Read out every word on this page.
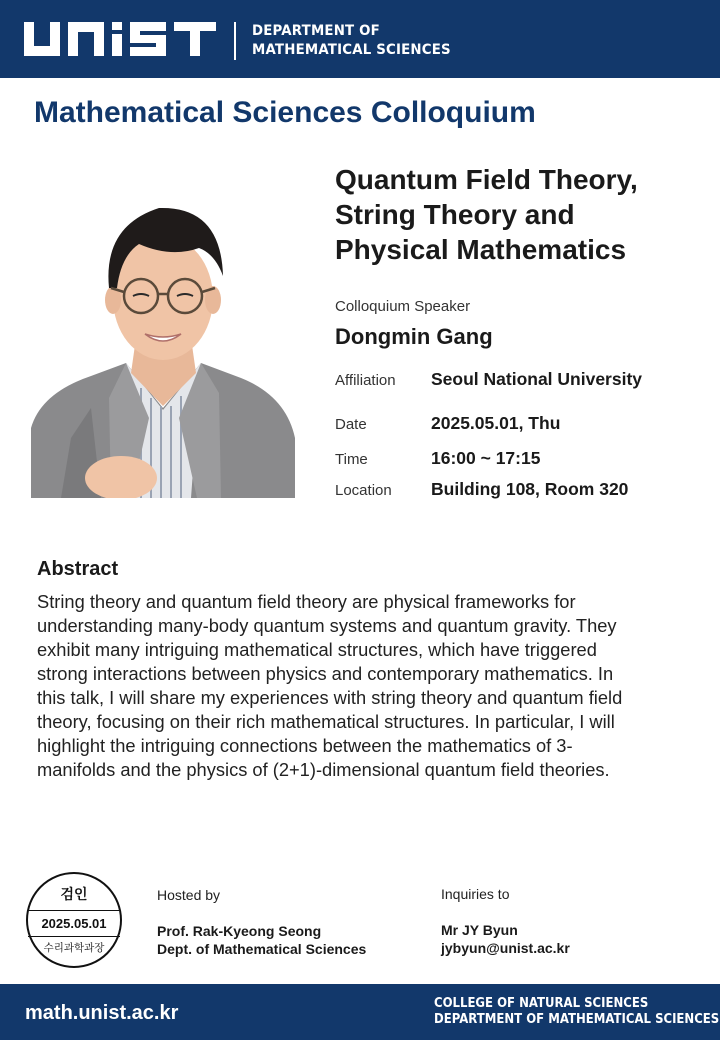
DEPARTMENT OF
MATHEMATICAL SCIENCES
Mathematical Sciences Colloquium
Quantum Field Theory,
String Theory and
Physical Mathematics
Colloquium Speaker
Dongmin Gang
Affiliation Seoul National University
Date	2025.05.01, Thu
Time	16:00 ~ 17:15
Location Building 108, Room 320
Abstract
String theory and quantum field theory are physical frameworks for
understanding many-body quantum systems and quantum gravity. They
exhibit many intriguing mathematical structures, which have triggered
strong interactions between physics and contemporary mathematics. In
this talk, I will share my experiences with string theory and quantum field
theory, focusing on their rich mathematical structures. In particular, I will
highlight the intriguing connections between the mathematics of 3-
manifolds and the physics of (2+1)-dimensional quantum field theories.
검인
2025.05.01
수리과학과장
Hosted by
Prof. Rak-Kyeong Seong
Dept. of Mathematical Sciences
Inquiries to
Mr JY Byun
jybyun@unist.ac.kr
math.unist.ac.kr	COLLEGE OF NATURAL SCIENCES
DEPARTMENT OF MATHEMATICAL SCIENCES
